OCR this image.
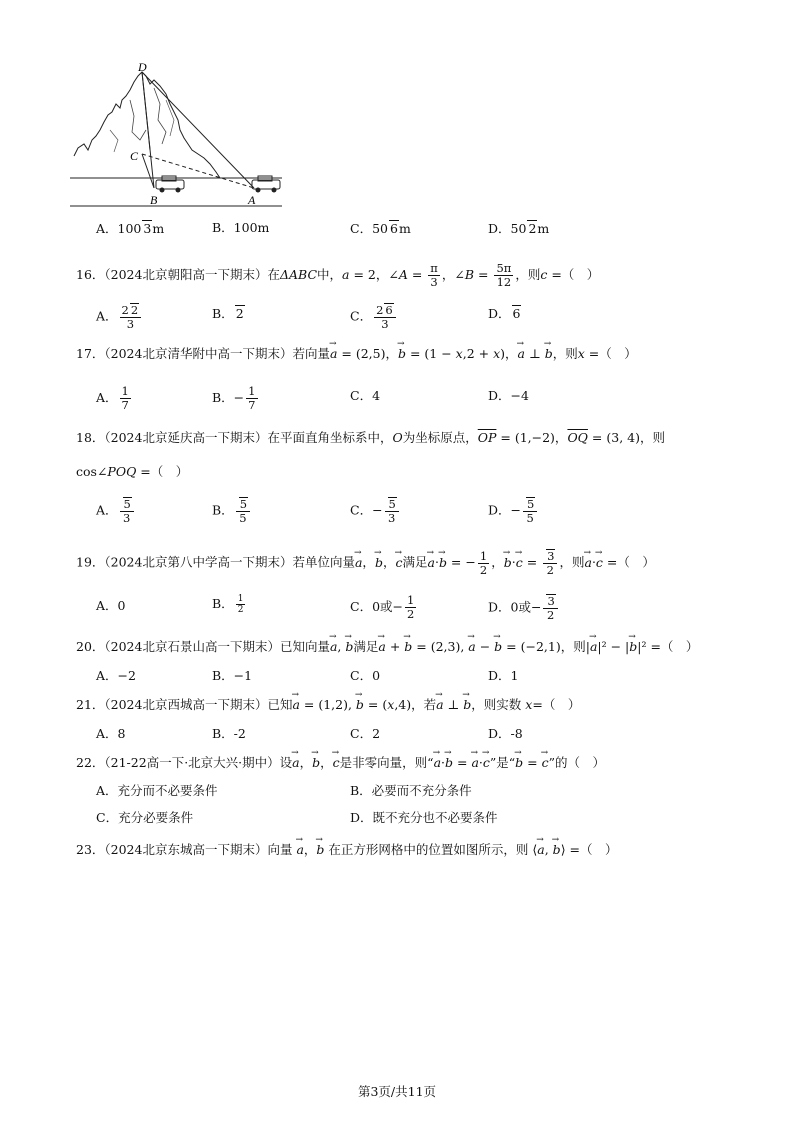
D
C
B	A
A．100 3m	B．100m	C．50 6m	D．50 2m
16．（2024北京朝阳高一下期末）在ΔABC中，a = 2，∠A = $\frac{\pi}{3}$ ，∠B = $\frac{5\pi}{12}$ ，则c =（　）
A． $\frac{2 2}{3}$	B． 2	C． $\frac{2 6}{3}$	D． 6
17．（2024北京清华附中高一下期末）若向量→ a = (2,5)，→ b = (1 − x,2 + x)，→ a ⊥ → b，则x =（　）
A． $\frac{1}{7}$	B．− $\frac{1}{7}$	C．4	D．−4
18．（2024北京延庆高一下期末）在平面直角坐标系中，O为坐标原点，$\overline{OP} = (1,-2)$，$\overline{OQ} = (3$, 4)，则
cos∠POQ =（　）
A． $\frac{5}{3}$	B． $\frac{5}{5}$	C．− $\frac{5}{3}$	D．− $\frac{5}{5}$
19．（2024北京第八中学高一下期末）若单位向量→ a，→ b，→ c满足→ a·→ b = − $\frac{1}{2}$ ，→ $b\cdot\to c = \frac{3}{2}$ ，则→ a·→ c =（　）
A．0	B． $\frac{1}{2}$	C．0或− $\frac{1}{2}$	D．0或− $\frac{3}{2}$
20．（2024北京石景山高一下期末）已知向量→ a, → b满足→ a + → b = (2,3), → a − → b = (−2,1)，则|→ a|² − |→ b|² =（　）
A．−2	B．−1	C．0	D．1
21．（2024北京西城高一下期末）已知→ a = (1,2), → b = (x,4)，若→ a ⊥ → b，则实数 x=（　）
A．8	B．-2	C．2	D．-8
22．（21-22高一下·北京大兴·期中）设→ a，→ b，→ c是非零向量，则“→ a·→ b = → a·→ c”是“→ b = → c”的（　）
A．充分而不必要条件	B．必要而不充分条件
C．充分必要条件	D．既不充分也不必要条件
23．（2024北京东城高一下期末）向量 → a，→ b 在正方形网格中的位置如图所示，则 ⟨→ a, → b⟩ =（　）
第3页/共11页
